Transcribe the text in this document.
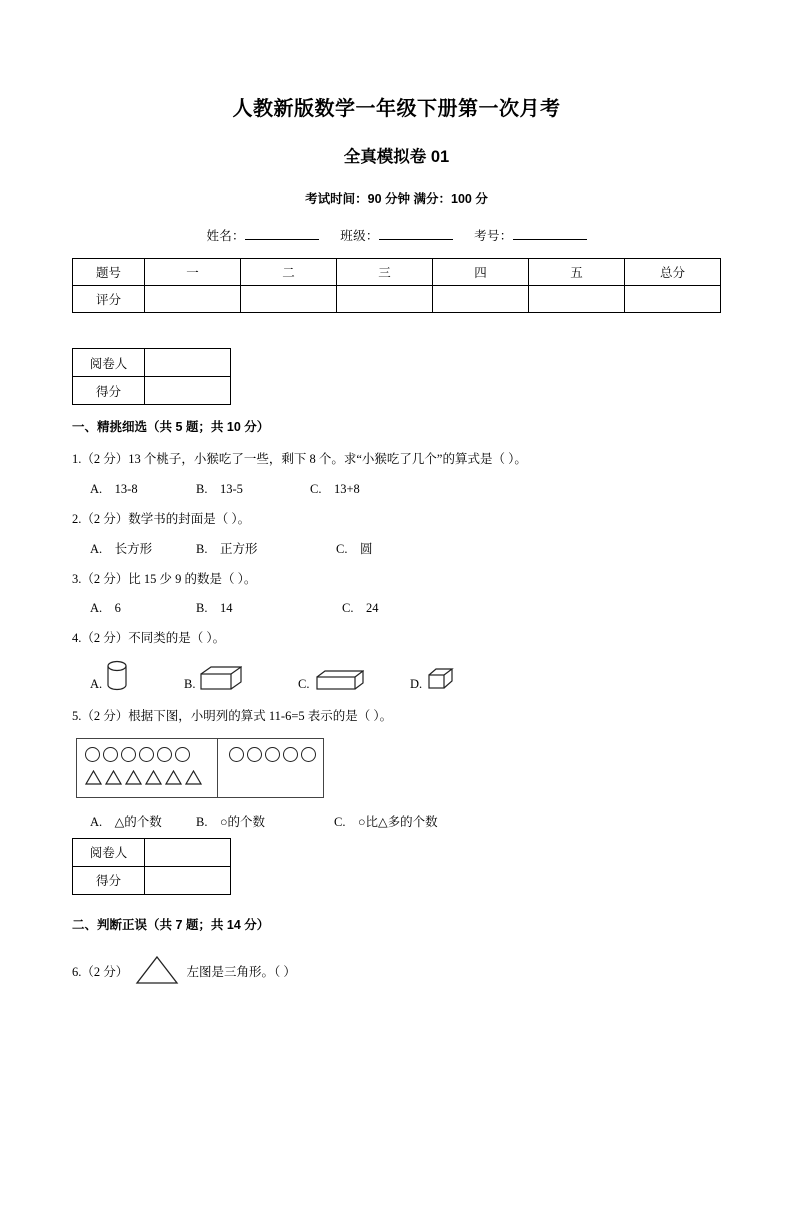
人教新版数学一年级下册第一次月考
全真模拟卷 01
考试时间：90 分钟 满分：100 分
姓名：	班级：	考号：
题号	一	二	三	四	五	总分
评分						
阅卷人	
得分	
一、精挑细选（共 5 题；共 10 分）
1.（2 分）13 个桃子，小猴吃了一些，剩下 8 个。求“小猴吃了几个”的算式是（ ）。
A.　13-8	B.　13-5	C.　13+8
2.（2 分）数学书的封面是（ ）。
A.　长方形	B.　正方形	C.　圆
3.（2 分）比 15 少 9 的数是（ ）。
A.　6	B.　14	C.　24
4.（2 分）不同类的是（ ）。
A.	B.	C.	D.
5.（2 分）根据下图，小明列的算式 11-6=5 表示的是（ ）。
A.　△的个数	B.　○的个数	C.　○比△多的个数
阅卷人	
得分	
二、判断正误（共 7 题；共 14 分）
6.（2 分）	左图是三角形。（ ）
